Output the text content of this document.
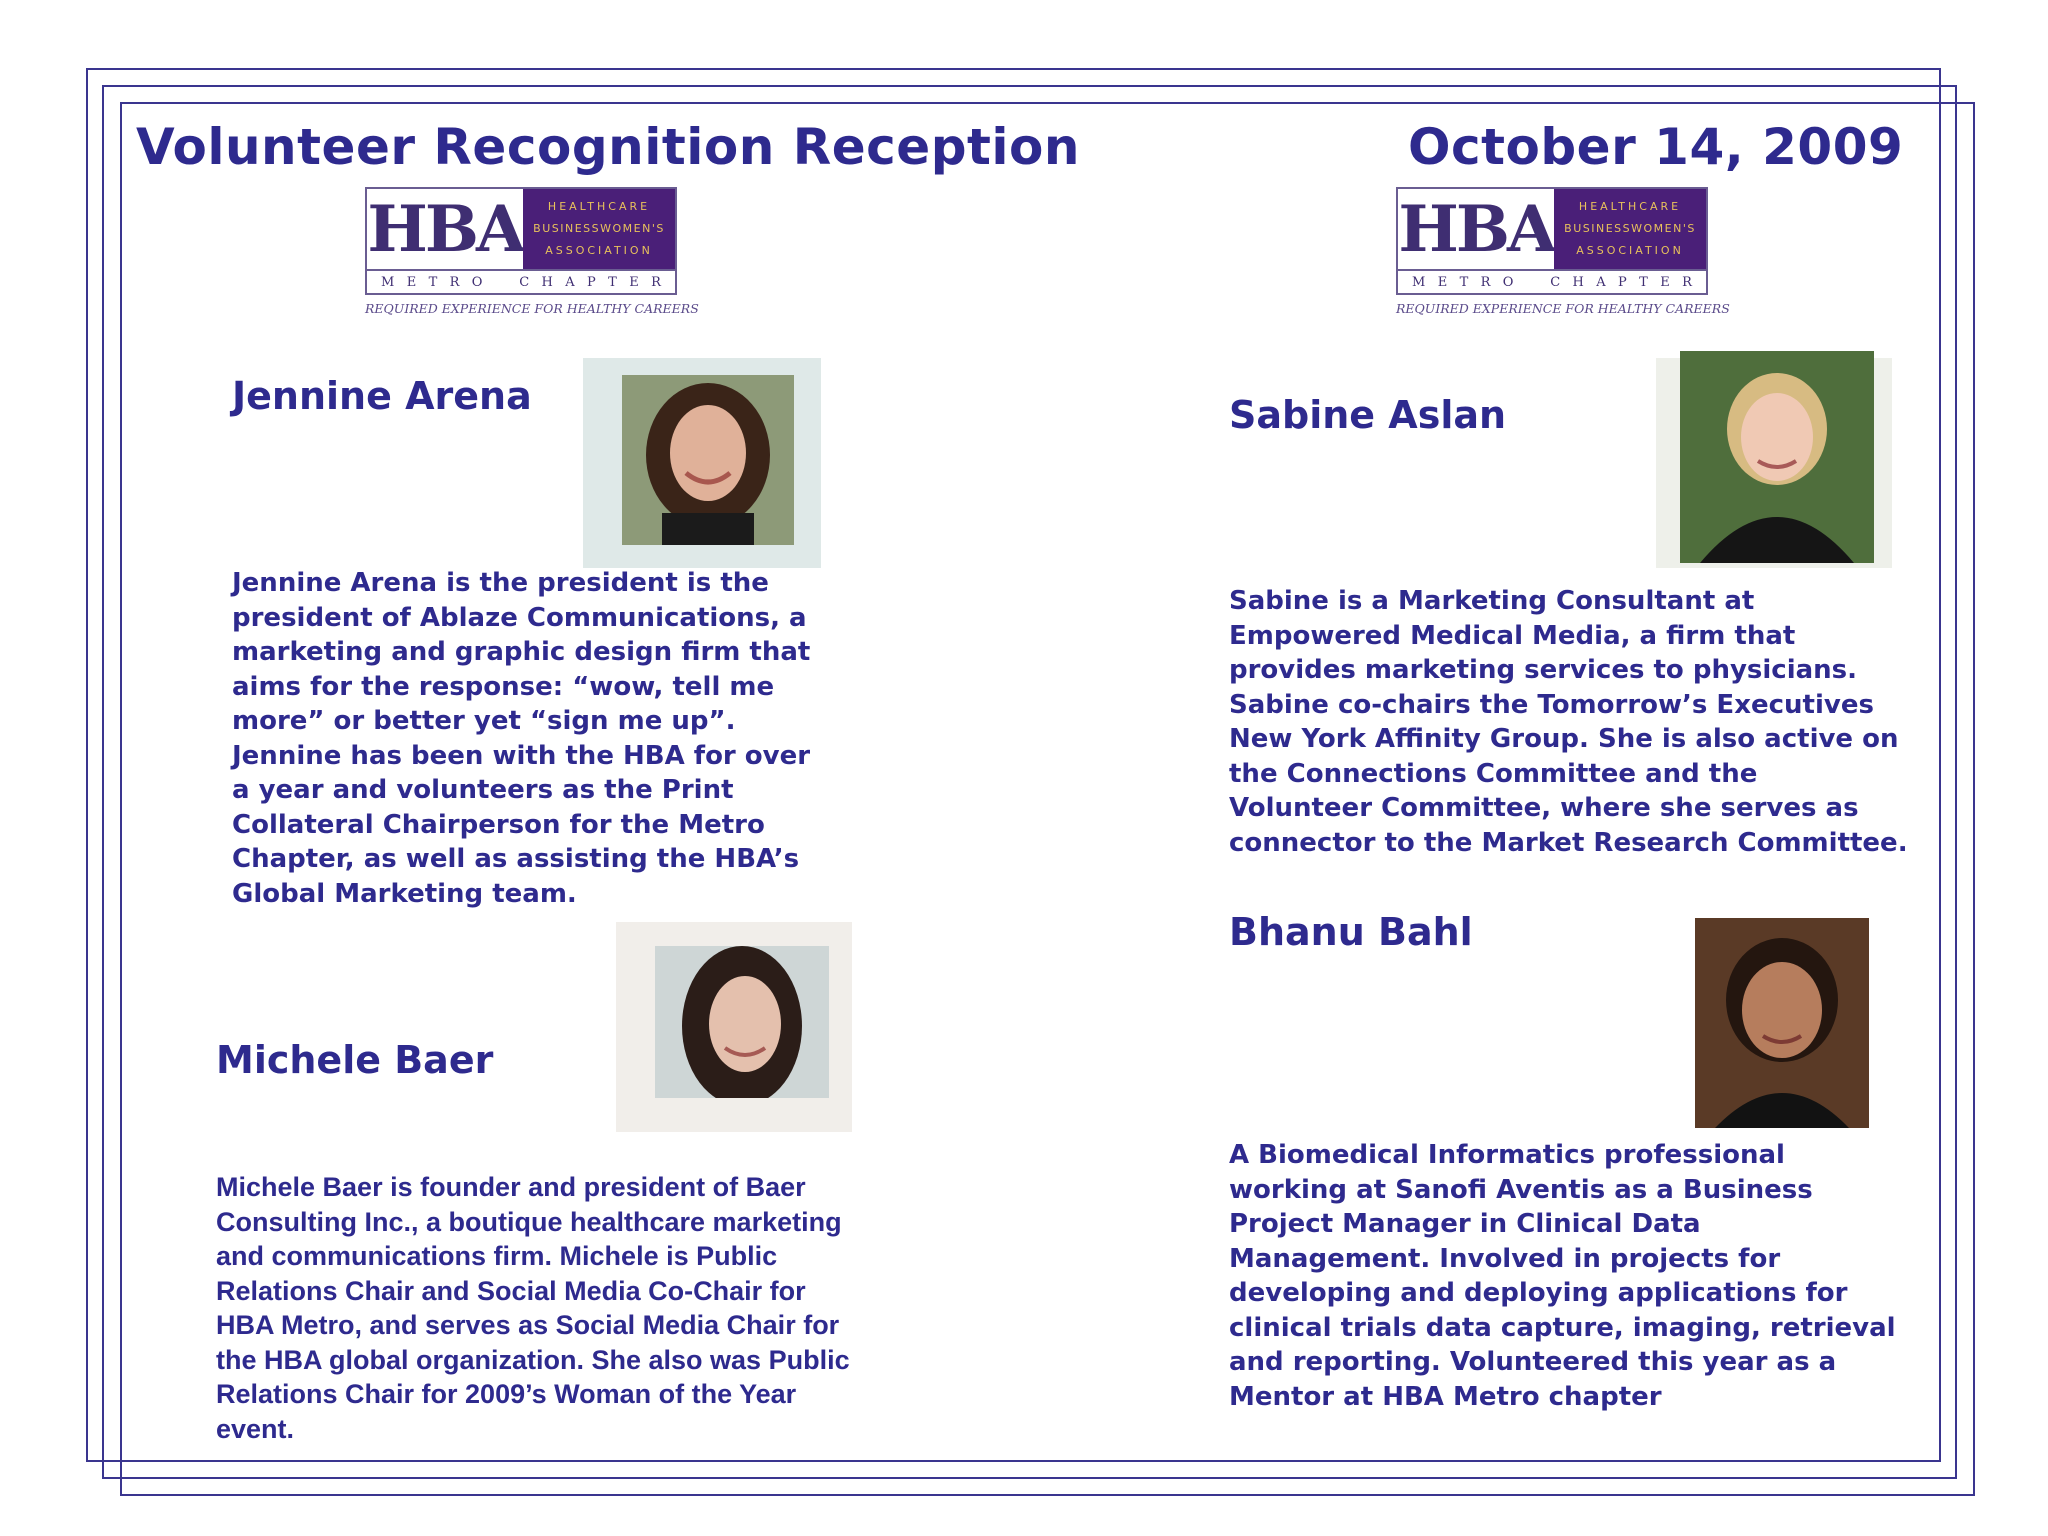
Volunteer Recognition Reception	October 14, 2009
HBA HEALTHCARE
BUSINESSWOMEN'S
ASSOCIATION
M E T R O	C H A P T E R
REQUIRED EXPERIENCE FOR HEALTHY CAREERS
HBA HEALTHCARE
BUSINESSWOMEN'S
ASSOCIATION
M E T R O	C H A P T E R
REQUIRED EXPERIENCE FOR HEALTHY CAREERS
Jennine Arena
Jennine Arena is the president is the president of Ablaze Communications, a marketing and graphic design firm that aims for the response: “wow, tell me more” or better yet “sign me up”. Jennine has been with the HBA for over a year and volunteers as the Print Collateral Chairperson for the Metro Chapter, as well as assisting the HBA’s Global Marketing team.
Michele Baer
Michele Baer is founder and president of Baer Consulting Inc., a boutique healthcare marketing and communications firm. Michele is Public Relations Chair and Social Media Co-Chair for HBA Metro, and serves as Social Media Chair for the HBA global organization. She also was Public Relations Chair for 2009’s Woman of the Year event.
Sabine Aslan
Sabine is a Marketing Consultant at Empowered Medical Media, a firm that provides marketing services to physicians. Sabine co-chairs the Tomorrow’s Executives New York Affinity Group. She is also active on the Connections Committee and the Volunteer Committee, where she serves as connector to the Market Research Committee.
Bhanu Bahl
A Biomedical Informatics professional working at Sanofi Aventis as a Business Project Manager in Clinical Data Management. Involved in projects for developing and deploying applications for clinical trials data capture, imaging, retrieval and reporting. Volunteered this year as a Mentor at HBA Metro chapter
